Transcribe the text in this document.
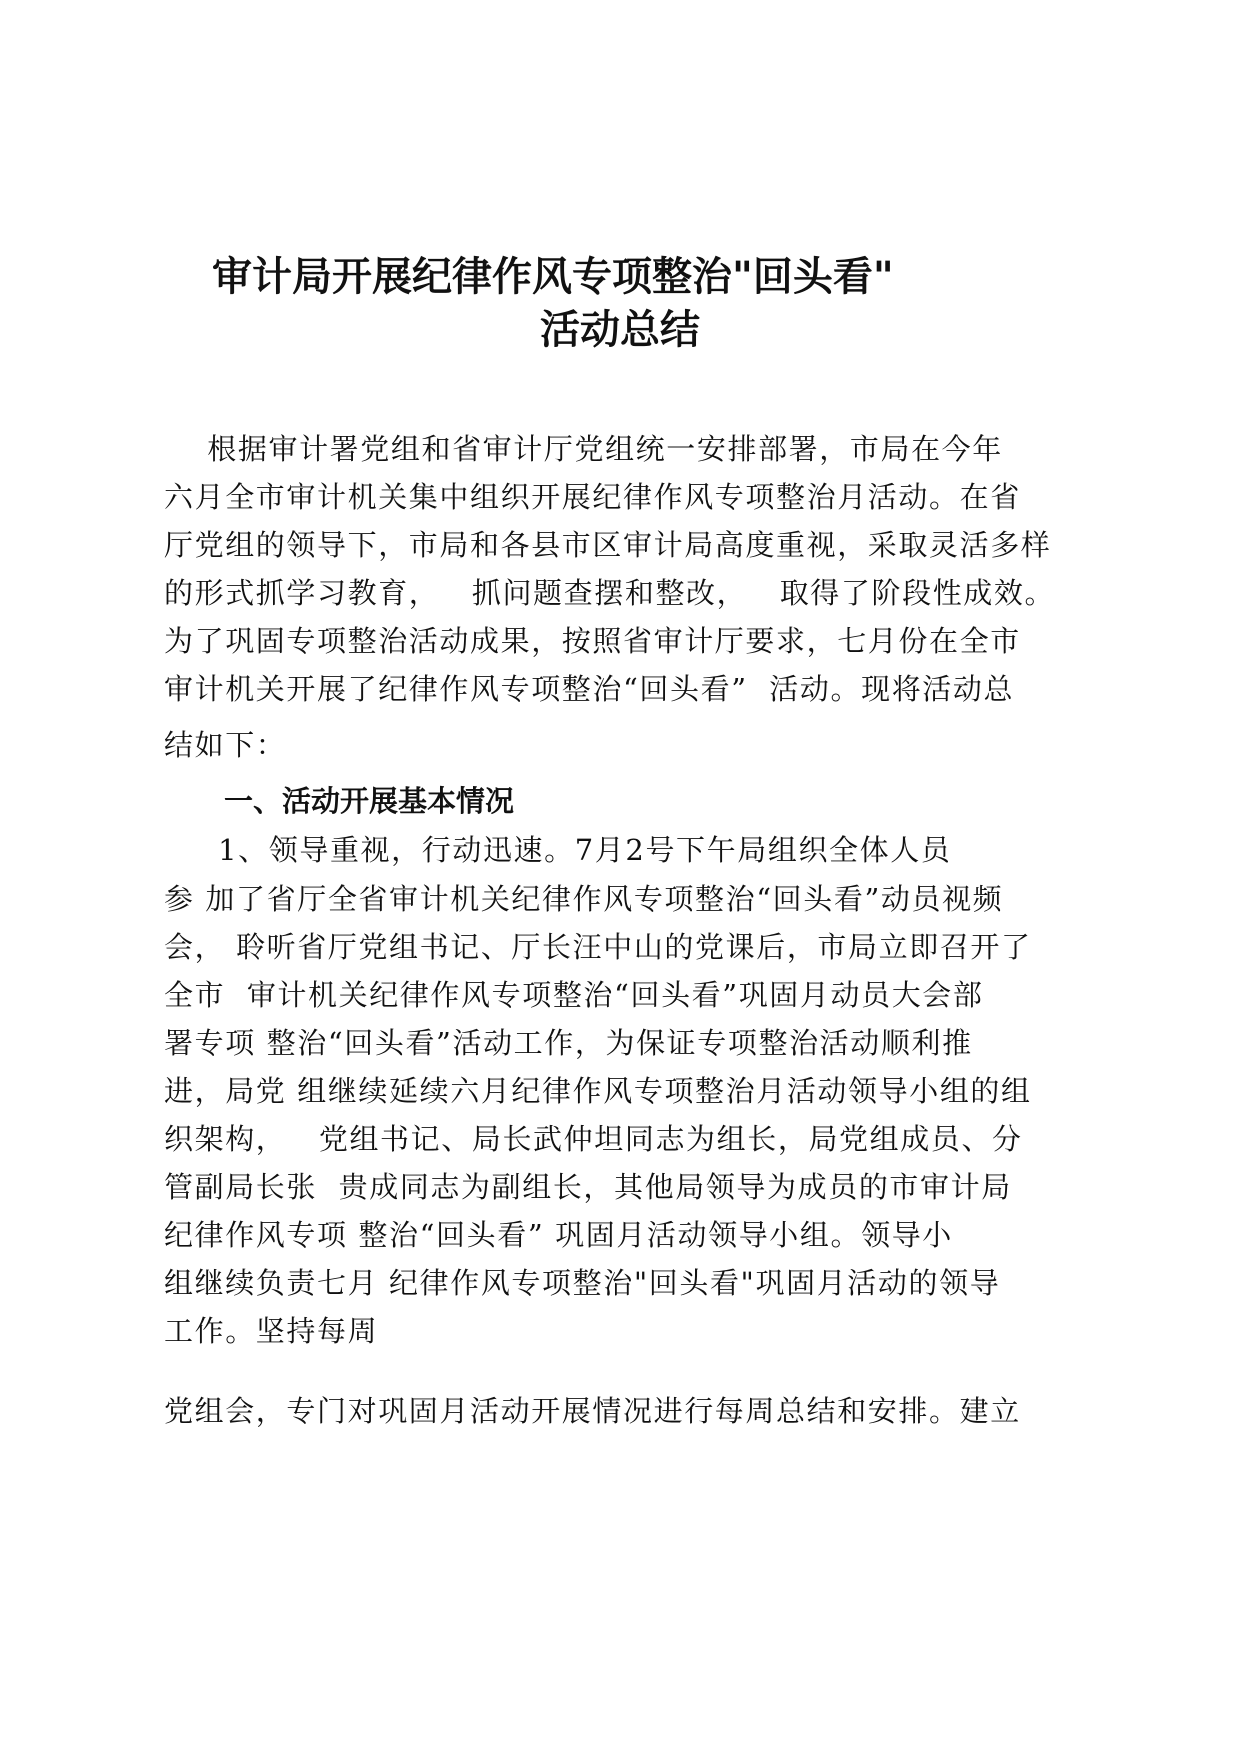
审计局开展纪律作风专项整治"回头看"
活动总结
根据审计署党组和省审计厅党组统一安排部署，市局在今年
六月全市审计机关集中组织开展纪律作风专项整治月活动。在省
厅党组的领导下，市局和各县市区审计局高度重视，采取灵活多样
的形式抓学习教育，   抓问题查摆和整改，   取得了阶段性成效。
为了巩固专项整治活动成果，按照省审计厅要求，七月份在全市
审计机关开展了纪律作风专项整治“回头看”  活动。现将活动总
结如下：
一、活动开展基本情况
1、领导重视，行动迅速。7月2号下午局组织全体人员
参 加了省厅全省审计机关纪律作风专项整治“回头看”动员视频
会， 聆听省厅党组书记、厅长汪中山的党课后，市局立即召开了
全市  审计机关纪律作风专项整治“回头看”巩固月动员大会部
署专项 整治“回头看”活动工作，为保证专项整治活动顺利推
进，局党 组继续延续六月纪律作风专项整治月活动领导小组的组
织架构，   党组书记、局长武仲坦同志为组长，局党组成员、分
管副局长张  贵成同志为副组长，其他局领导为成员的市审计局
纪律作风专项 整治“回头看” 巩固月活动领导小组。领导小
组继续负责七月 纪律作风专项整治"回头看"巩固月活动的领导
工作。坚持每周
党组会，专门对巩固月活动开展情况进行每周总结和安排。建立
